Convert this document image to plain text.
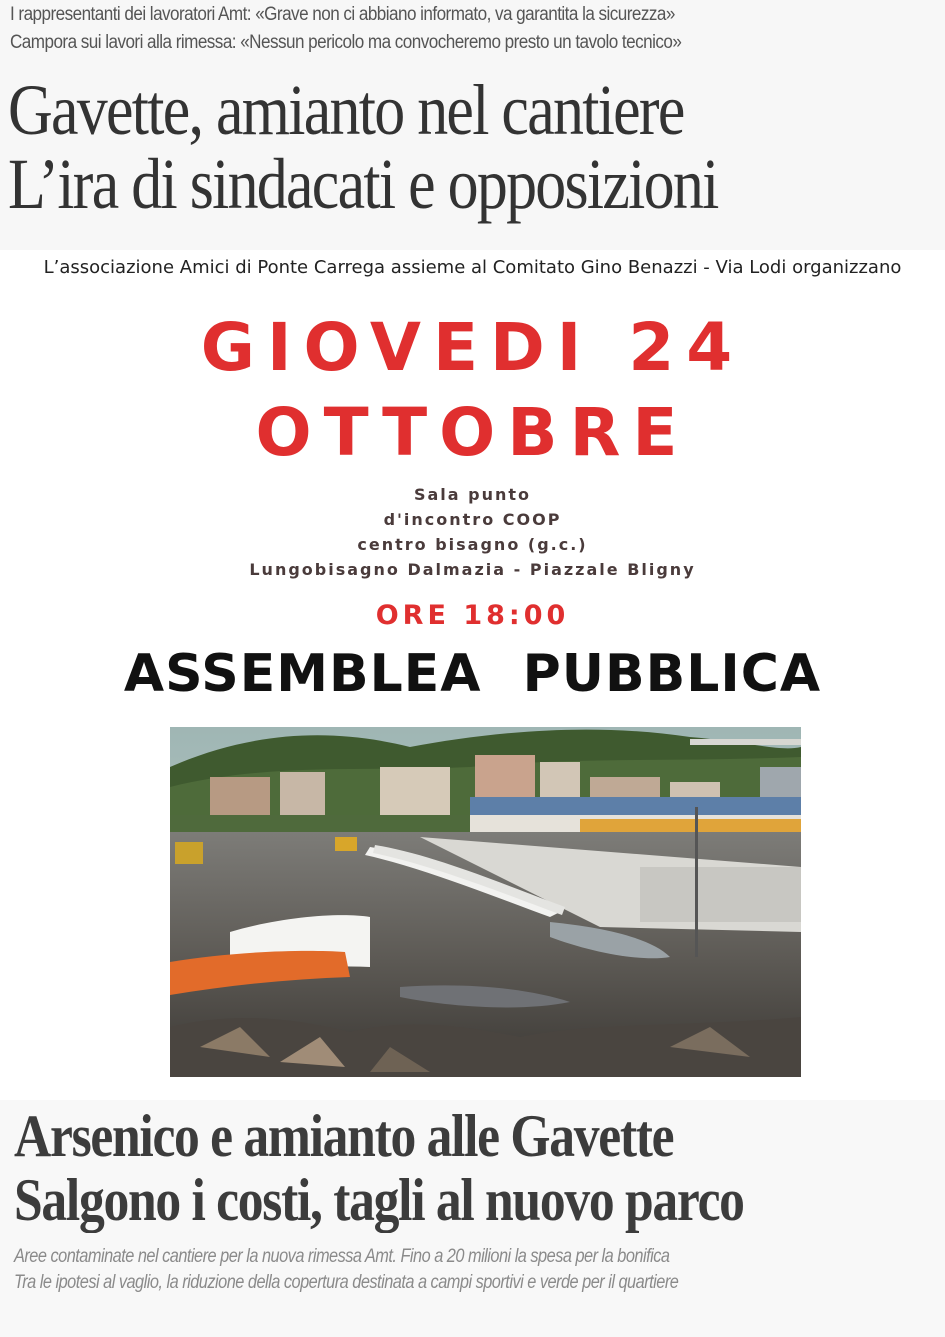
I rappresentanti dei lavoratori Amt: «Grave non ci abbiano informato, va garantita la sicurezza»
Campora sui lavori alla rimessa: «Nessun pericolo ma convocheremo presto un tavolo tecnico»
Gavette, amianto nel cantiere
L’ira di sindacati e opposizioni
L’associazione Amici di Ponte Carrega assieme al Comitato Gino Benazzi - Via Lodi organizzano
GIOVEDI 24
OTTOBRE
Sala punto
d'incontro COOP
centro bisagno (g.c.)
Lungobisagno Dalmazia - Piazzale Bligny
ORE 18:00
ASSEMBLEA PUBBLICA
Arsenico e amianto alle Gavette
Salgono i costi, tagli al nuovo parco
Aree contaminate nel cantiere per la nuova rimessa Amt. Fino a 20 milioni la spesa per la bonifica
Tra le ipotesi al vaglio, la riduzione della copertura destinata a campi sportivi e verde per il quartiere
